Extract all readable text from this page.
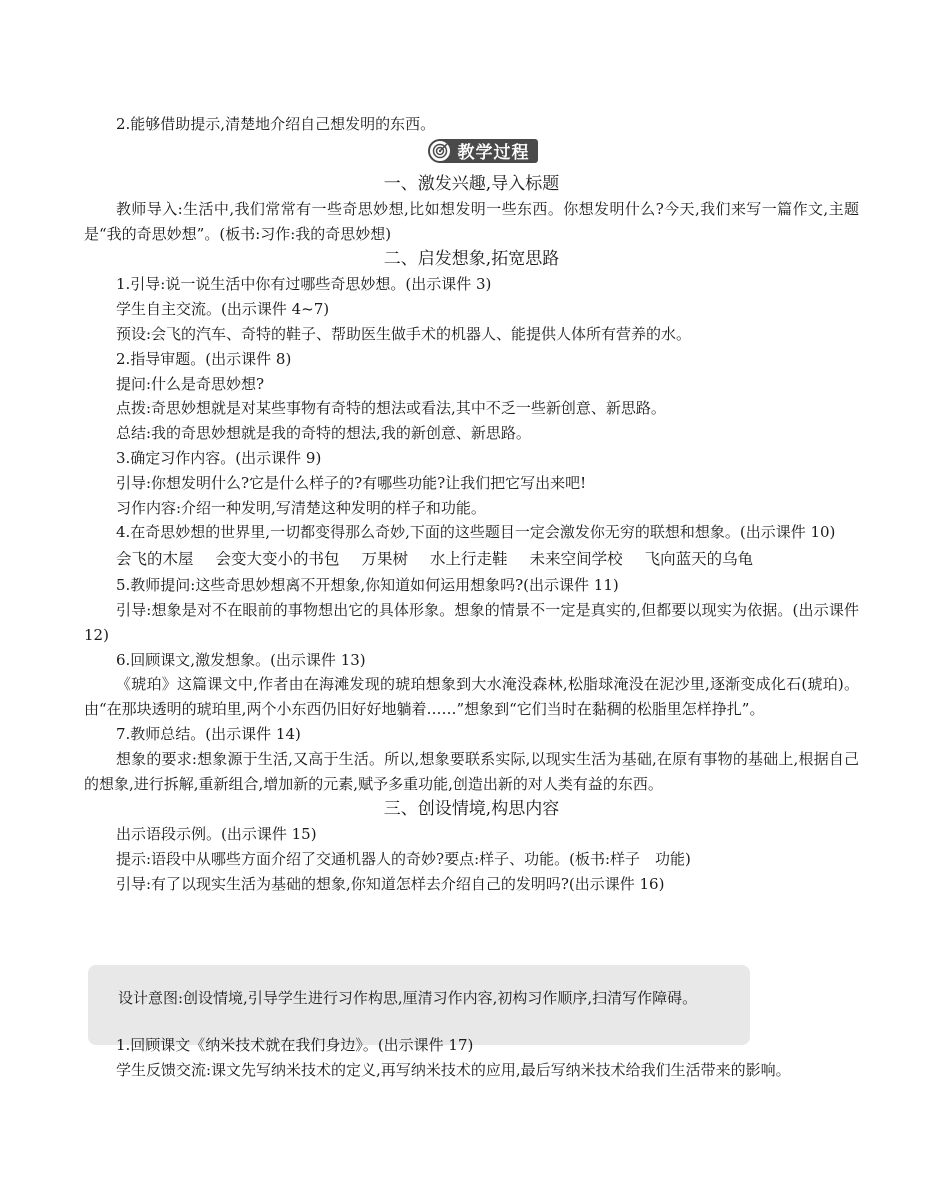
2.能够借助提示,清楚地介绍自己想发明的东西。

教学过程

一、激发兴趣,导入标题

教师导入:生活中,我们常常有一些奇思妙想,比如想发明一些东西。你想发明什么?今天,我们来写一篇作文,主题是“我的奇思妙想”。(板书:习作:我的奇思妙想)

二、启发想象,拓宽思路

1.引导:说一说生活中你有过哪些奇思妙想。(出示课件 3)

学生自主交流。(出示课件 4~7)

预设:会飞的汽车、奇特的鞋子、帮助医生做手术的机器人、能提供人体所有营养的水。

2.指导审题。(出示课件 8)

提问:什么是奇思妙想?

点拨:奇思妙想就是对某些事物有奇特的想法或看法,其中不乏一些新创意、新思路。

总结:我的奇思妙想就是我的奇特的想法,我的新创意、新思路。

3.确定习作内容。(出示课件 9)

引导:你想发明什么?它是什么样子的?有哪些功能?让我们把它写出来吧!

习作内容:介绍一种发明,写清楚这种发明的样子和功能。

4.在奇思妙想的世界里,一切都变得那么奇妙,下面的这些题目一定会激发你无穷的联想和想象。(出示课件 10)

会飞的木屋 会变大变小的书包 万果树 水上行走鞋 未来空间学校 飞向蓝天的乌龟

5.教师提问:这些奇思妙想离不开想象,你知道如何运用想象吗?(出示课件 11)

引导:想象是对不在眼前的事物想出它的具体形象。想象的情景不一定是真实的,但都要以现实为依据。(出示课件 12)

6.回顾课文,激发想象。(出示课件 13)

《琥珀》这篇课文中,作者由在海滩发现的琥珀想象到大水淹没森林,松脂球淹没在泥沙里,逐渐变成化石(琥珀)。由“在那块透明的琥珀里,两个小东西仍旧好好地躺着……”想象到“它们当时在黏稠的松脂里怎样挣扎”。

7.教师总结。(出示课件 14)

想象的要求:想象源于生活,又高于生活。所以,想象要联系实际,以现实生活为基础,在原有事物的基础上,根据自己的想象,进行拆解,重新组合,增加新的元素,赋予多重功能,创造出新的对人类有益的东西。

三、创设情境,构思内容

出示语段示例。(出示课件 15)

提示:语段中从哪些方面介绍了交通机器人的奇妙?要点:样子、功能。(板书:样子　功能)

引导:有了以现实生活为基础的想象,你知道怎样去介绍自己的发明吗?(出示课件 16)

设计意图:创设情境,引导学生进行习作构思,厘清习作内容,初构习作顺序,扫清写作障碍。

1.回顾课文《纳米技术就在我们身边》。(出示课件 17)

学生反馈交流:课文先写纳米技术的定义,再写纳米技术的应用,最后写纳米技术给我们生活带来的影响。
